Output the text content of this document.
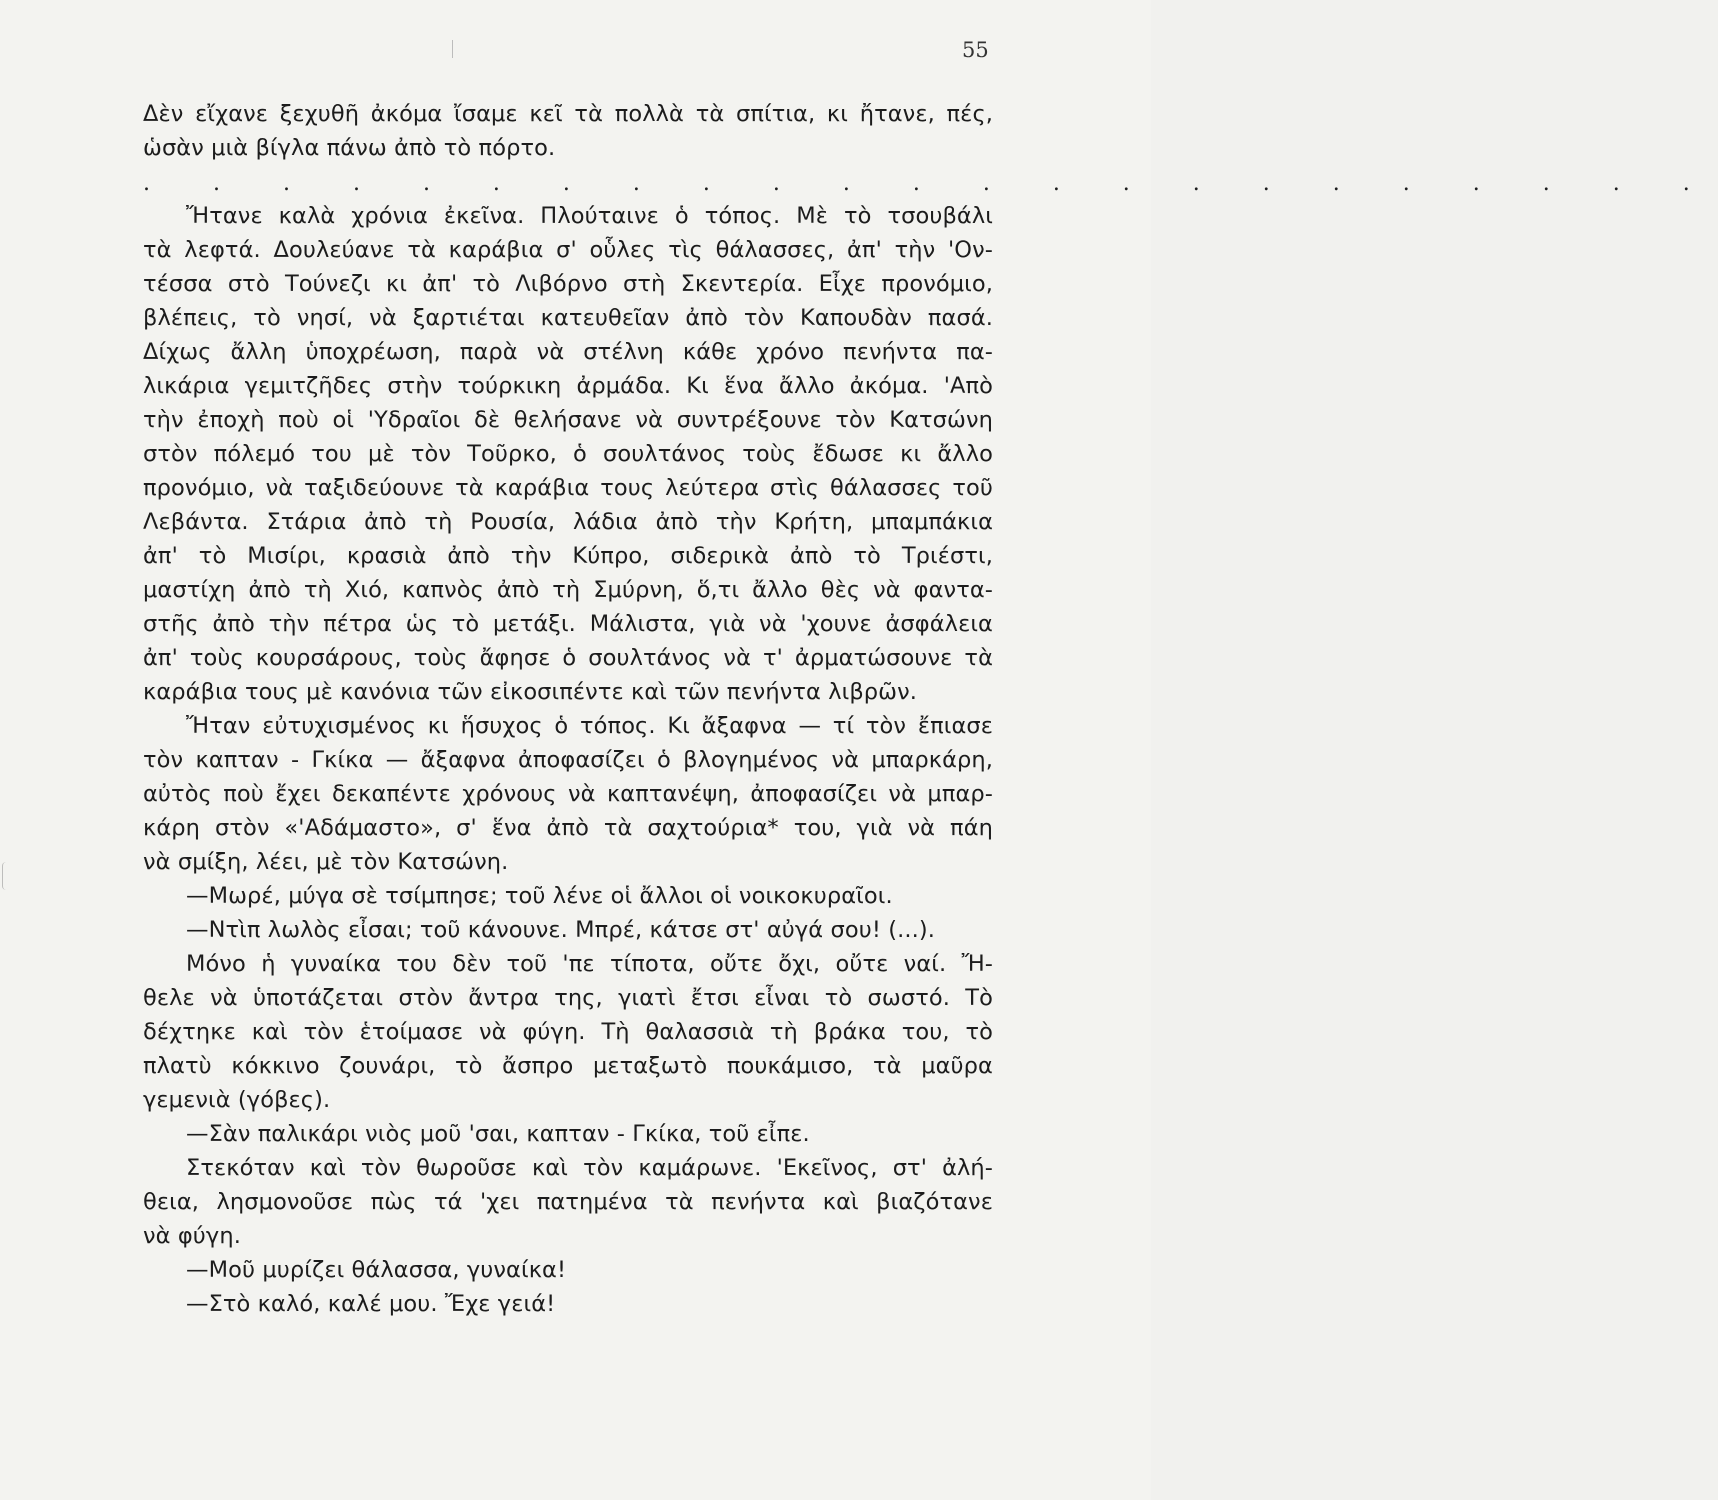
55
Δὲν εἴχανε ξεχυθῆ ἀκόμα ἴσαμε κεῖ τὰ πολλὰ τὰ σπίτια, κι ἤτανε, πές,
ὡσὰν μιὰ βίγλα πάνω ἀπὸ τὸ πόρτο.
. . . . . . . . . . . . . . . . . . . . . . .
Ἤτανε καλὰ χρόνια ἐκεῖνα. Πλούταινε ὁ τόπος. Μὲ τὸ τσουβάλι
τὰ λεφτά. Δουλεύανε τὰ καράβια σ' οὗλες τὶς θάλασσες, ἀπ' τὴν 'Ον-
τέσσα στὸ Τούνεζι κι ἀπ' τὸ Λιβόρνο στὴ Σκεντερία. Εἶχε προνόμιο,
βλέπεις, τὸ νησί, νὰ ξαρτιέται κατευθεῖαν ἀπὸ τὸν Καπουδὰν πασά.
Δίχως ἄλλη ὑποχρέωση, παρὰ νὰ στέλνη κάθε χρόνο πενήντα πα-
λικάρια γεμιτζῆδες στὴν τούρκικη ἀρμάδα. Κι ἕνα ἄλλο ἀκόμα. 'Απὸ
τὴν ἐποχὴ ποὺ οἱ 'Υδραῖοι δὲ θελήσανε νὰ συντρέξουνε τὸν Κατσώνη
στὸν πόλεμό του μὲ τὸν Τοῦρκο, ὁ σουλτάνος τοὺς ἔδωσε κι ἄλλο
προνόμιο, νὰ ταξιδεύουνε τὰ καράβια τους λεύτερα στὶς θάλασσες τοῦ
Λεβάντα. Στάρια ἀπὸ τὴ Ρουσία, λάδια ἀπὸ τὴν Κρήτη, μπαμπάκια
ἀπ' τὸ Μισίρι, κρασιὰ ἀπὸ τὴν Κύπρο, σιδερικὰ ἀπὸ τὸ Τριέστι,
μαστίχη ἀπὸ τὴ Χιό, καπνὸς ἀπὸ τὴ Σμύρνη, ὅ,τι ἄλλο θὲς νὰ φαντα-
στῆς ἀπὸ τὴν πέτρα ὡς τὸ μετάξι. Μάλιστα, γιὰ νὰ 'χουνε ἀσφάλεια
ἀπ' τοὺς κουρσάρους, τοὺς ἄφησε ὁ σουλτάνος νὰ τ' ἀρματώσουνε τὰ
καράβια τους μὲ κανόνια τῶν εἰκοσιπέντε καὶ τῶν πενήντα λιβρῶν.
Ἤταν εὐτυχισμένος κι ἥσυχος ὁ τόπος. Κι ἄξαφνα — τί τὸν ἔπιασε
τὸν καπταν - Γκίκα — ἄξαφνα ἀποφασίζει ὁ βλογημένος νὰ μπαρκάρη,
αὐτὸς ποὺ ἔχει δεκαπέντε χρόνους νὰ καπτανέψη, ἀποφασίζει νὰ μπαρ-
κάρη στὸν «'Αδάμαστο», σ' ἕνα ἀπὸ τὰ σαχτούρια* του, γιὰ νὰ πάη
νὰ σμίξη, λέει, μὲ τὸν Κατσώνη.
—Μωρέ, μύγα σὲ τσίμπησε; τοῦ λένε οἱ ἄλλοι οἱ νοικοκυραῖοι.
—Ντὶπ λωλὸς εἶσαι; τοῦ κάνουνε. Μπρέ, κάτσε στ' αὐγά σου! (...).
Μόνο ἡ γυναίκα του δὲν τοῦ 'πε τίποτα, οὔτε ὄχι, οὔτε ναί. Ἤ-
θελε νὰ ὑποτάζεται στὸν ἄντρα της, γιατὶ ἔτσι εἶναι τὸ σωστό. Τὸ
δέχτηκε καὶ τὸν ἑτοίμασε νὰ φύγη. Τὴ θαλασσιὰ τὴ βράκα του, τὸ
πλατὺ κόκκινο ζουνάρι, τὸ ἄσπρο μεταξωτὸ πουκάμισο, τὰ μαῦρα
γεμενιὰ (γόβες).
—Σὰν παλικάρι νιὸς μοῦ 'σαι, καπταν - Γκίκα, τοῦ εἶπε.
Στεκόταν καὶ τὸν θωροῦσε καὶ τὸν καμάρωνε. 'Εκεῖνος, στ' ἀλή-
θεια, λησμονοῦσε πὼς τά 'χει πατημένα τὰ πενήντα καὶ βιαζότανε
νὰ φύγη.
—Μοῦ μυρίζει θάλασσα, γυναίκα!
—Στὸ καλό, καλέ μου. Ἔχε γειά!
